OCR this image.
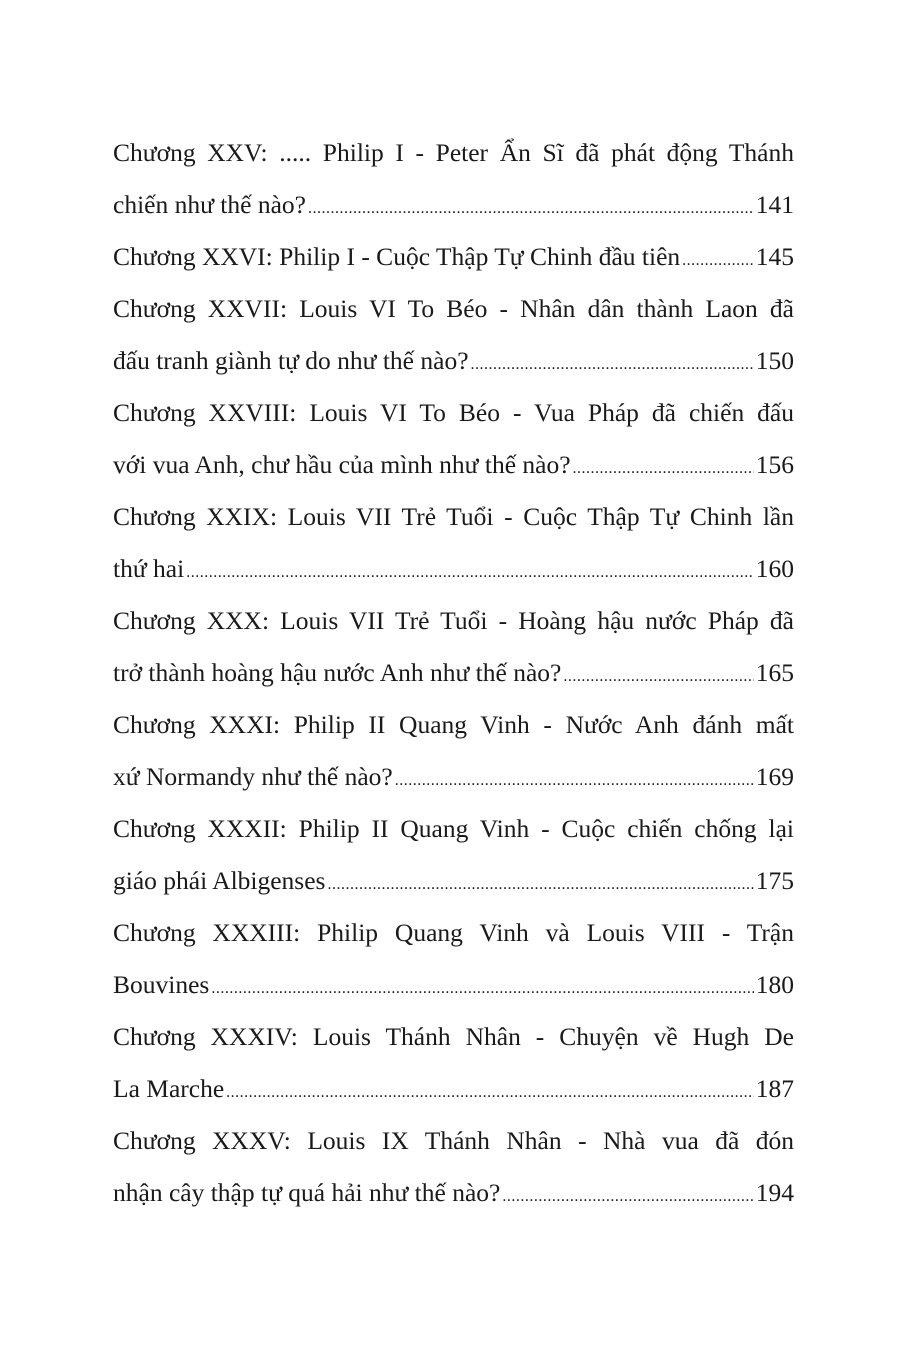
Chương XXV: ..... Philip I - Peter Ẩn Sĩ đã phát động Thánh
chiến như thế nào? .....	141
Chương XXVI: Philip I - Cuộc Thập Tự Chinh đầu tiên .....	145
Chương XXVII: Louis VI To Béo - Nhân dân thành Laon đã
đấu tranh giành tự do như thế nào? .....	150
Chương XXVIII: Louis VI To Béo - Vua Pháp đã chiến đấu
với vua Anh, chư hầu của mình như thế nào? .....	156
Chương XXIX: Louis VII Trẻ Tuổi - Cuộc Thập Tự Chinh lần
thứ hai .....	160
Chương XXX: Louis VII Trẻ Tuổi - Hoàng hậu nước Pháp đã
trở thành hoàng hậu nước Anh như thế nào? .....	165
Chương XXXI: Philip II Quang Vinh - Nước Anh đánh mất
xứ Normandy như thế nào? .....	169
Chương XXXII: Philip II Quang Vinh - Cuộc chiến chống lại
giáo phái Albigenses .....	175
Chương XXXIII: Philip Quang Vinh và Louis VIII - Trận
Bouvines .....	180
Chương XXXIV: Louis Thánh Nhân - Chuyện về Hugh De
La Marche .....	187
Chương XXXV: Louis IX Thánh Nhân - Nhà vua đã đón
nhận cây thập tự quá hải như thế nào? .....	194
